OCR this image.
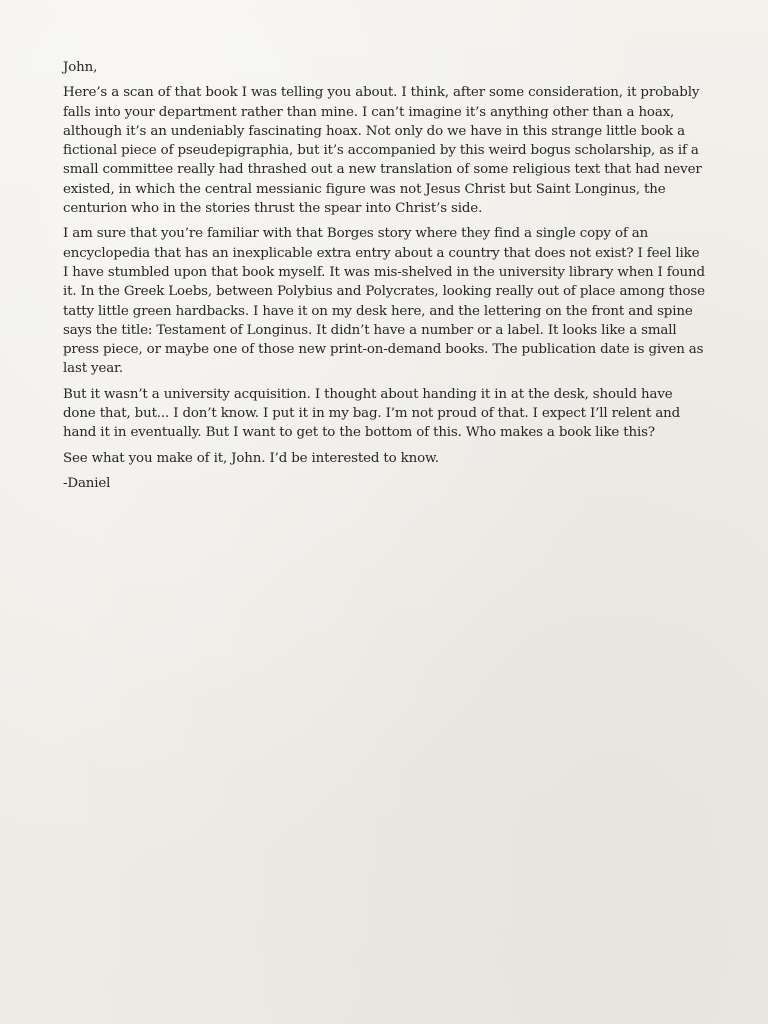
John,

Here’s a scan of that book I was telling you about. I think, after some consideration, it probably falls into your department rather than mine. I can’t imagine it’s anything other than a hoax, although it’s an undeniably fascinating hoax. Not only do we have in this strange little book a fictional piece of pseudepigraphia, but it’s accompanied by this weird bogus scholarship, as if a small committee really had thrashed out a new translation of some religious text that had never existed, in which the central messianic figure was not Jesus Christ but Saint Longinus, the centurion who in the stories thrust the spear into Christ’s side.

I am sure that you’re familiar with that Borges story where they find a single copy of an encyclopedia that has an inexplicable extra entry about a country that does not exist? I feel like I have stumbled upon that book myself. It was mis-shelved in the university library when I found it. In the Greek Loebs, between Polybius and Polycrates, looking really out of place among those tatty little green hardbacks. I have it on my desk here, and the lettering on the front and spine says the title: Testament of Longinus. It didn’t have a number or a label. It looks like a small press piece, or maybe one of those new print-on-demand books. The publication date is given as last year.

But it wasn’t a university acquisition. I thought about handing it in at the desk, should have done that, but... I don’t know. I put it in my bag. I’m not proud of that. I expect I’ll relent and hand it in eventually. But I want to get to the bottom of this. Who makes a book like this?

See what you make of it, John. I’d be interested to know.

-Daniel
